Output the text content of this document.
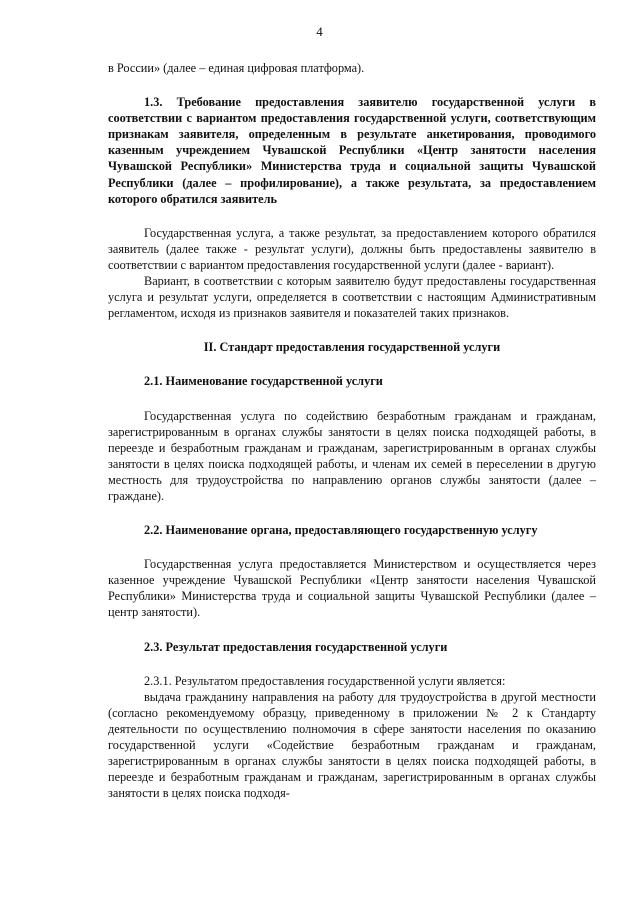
4

в России» (далее – единая цифровая платформа).

1.3. Требование предоставления заявителю государственной услуги в соответствии с вариантом предоставления государственной услуги, соответствующим признакам заявителя, определенным в результате анкетирования, проводимого казенным учреждением Чувашской Республики «Центр занятости населения Чувашской Республики» Министерства труда и социальной защиты Чувашской Республики (далее – профилирование), а также результата, за предоставлением которого обратился заявитель

Государственная услуга, а также результат, за предоставлением которого обратился заявитель (далее также - результат услуги), должны быть предоставлены заявителю в соответствии с вариантом предоставления государственной услуги (далее - вариант).

Вариант, в соответствии с которым заявителю будут предоставлены государственная услуга и результат услуги, определяется в соответствии с настоящим Административным регламентом, исходя из признаков заявителя и показателей таких признаков.

II. Стандарт предоставления государственной услуги

2.1. Наименование государственной услуги

Государственная услуга по содействию безработным гражданам и гражданам, зарегистрированным в органах службы занятости в целях поиска подходящей работы, в переезде и безработным гражданам и гражданам, зарегистрированным в органах службы занятости в целях поиска подходящей работы, и членам их семей в переселении в другую местность для трудоустройства по направлению органов службы занятости (далее – граждане).

2.2. Наименование органа, предоставляющего государственную услугу

Государственная услуга предоставляется Министерством и осуществляется через казенное учреждение Чувашской Республики «Центр занятости населения Чувашской Республики» Министерства труда и социальной защиты Чувашской Республики (далее – центр занятости).

2.3. Результат предоставления государственной услуги

2.3.1. Результатом предоставления государственной услуги является:

выдача гражданину направления на работу для трудоустройства в другой местности (согласно рекомендуемому образцу, приведенному в приложении № 2 к Стандарту деятельности по осуществлению полномочия в сфере занятости населения по оказанию государственной услуги «Содействие безработным гражданам и гражданам, зарегистрированным в органах службы занятости в целях поиска подходящей работы, в переезде и безработным гражданам и гражданам, зарегистрированным в органах службы занятости в целях поиска подходя-
